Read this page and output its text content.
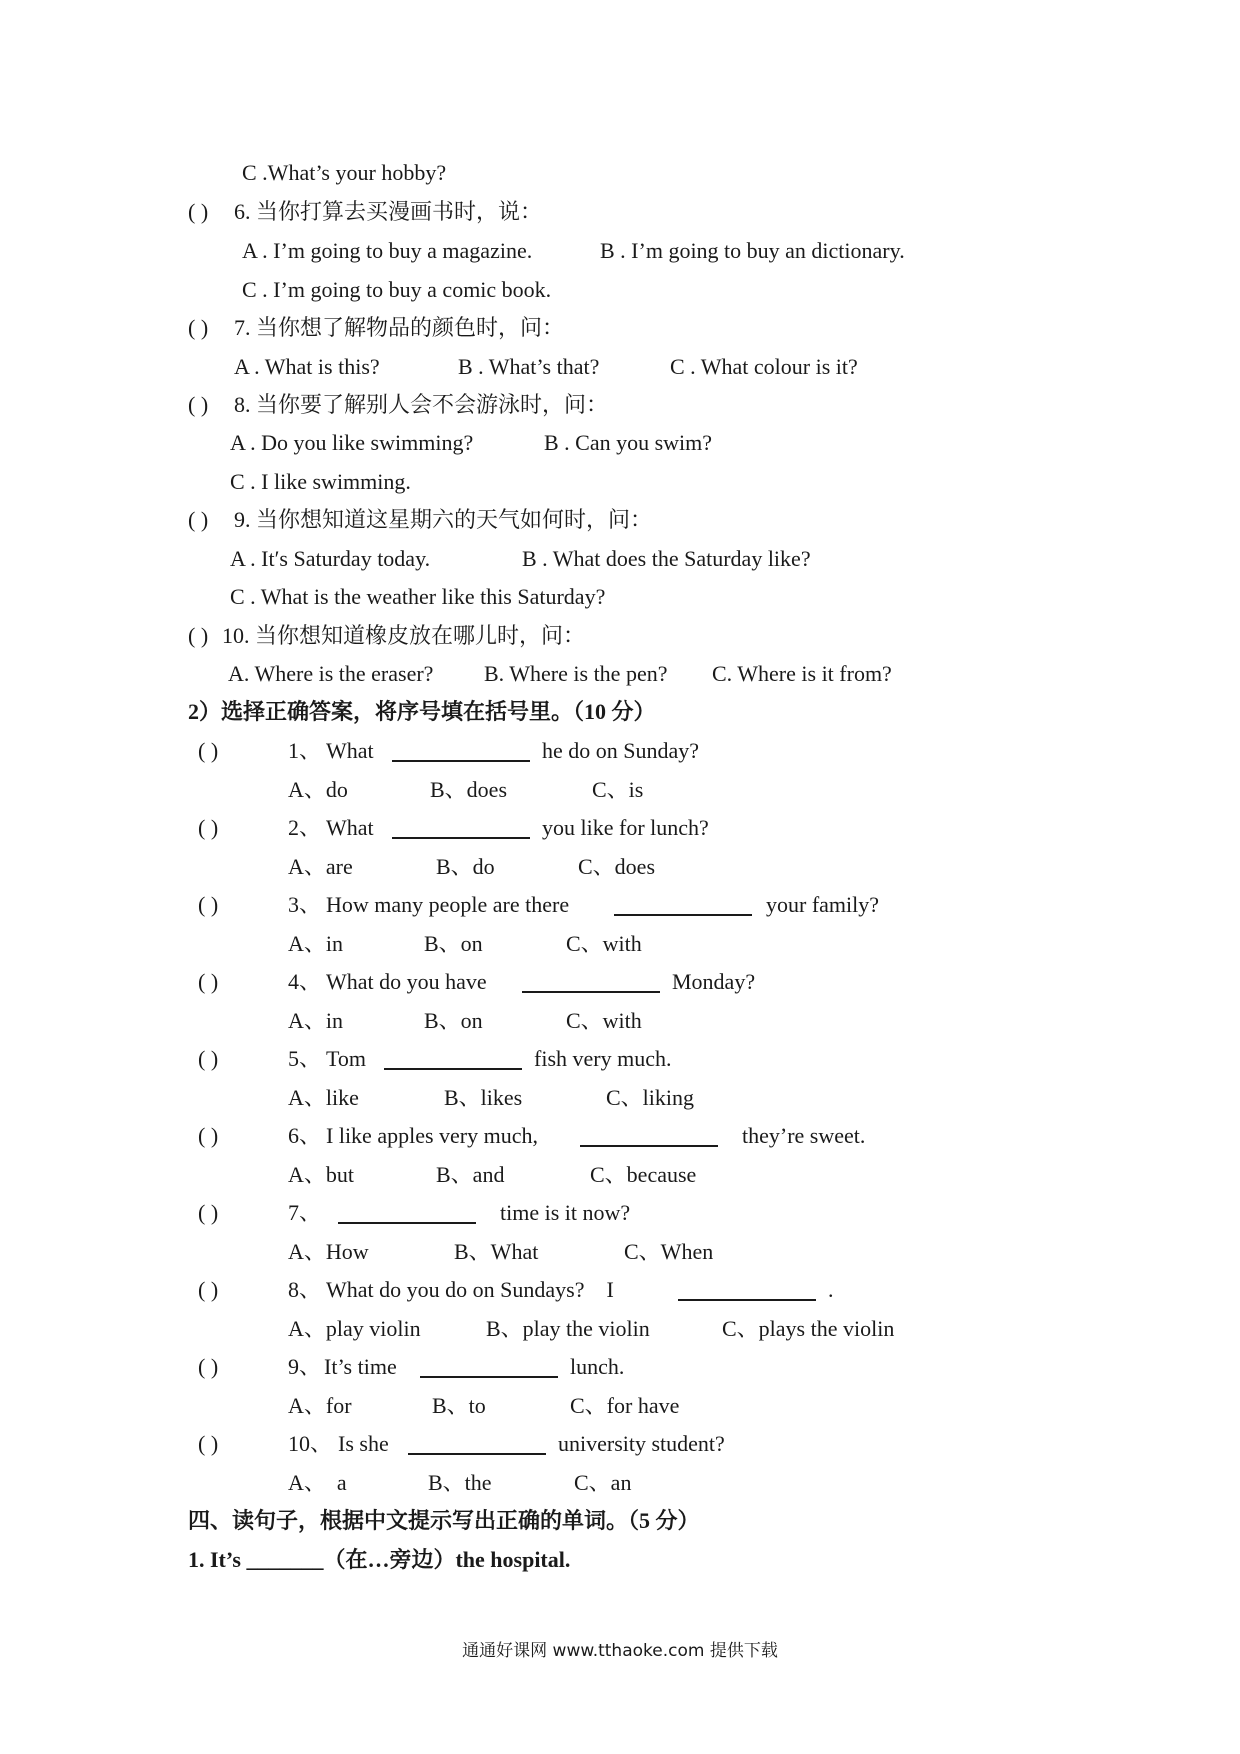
C .What’s your hobby?
( ) 6. 当你打算去买漫画书时，说：
A . I’m going to buy a magazine.	B . I’m going to buy an dictionary.
C . I’m going to buy a comic book.
( ) 7. 当你想了解物品的颜色时，问：
A . What is this?	B . What’s that?	C . What colour is it?
( ) 8. 当你要了解别人会不会游泳时，问：
A . Do you like swimming?	B . Can you swim?
C . I like swimming.
( ) 9. 当你想知道这星期六的天气如何时，问：
A . It′s Saturday today.	B . What does the Saturday like?
C . What is the weather like this Saturday?
( ) 10. 当你想知道橡皮放在哪儿时，问：
A. Where is the eraser? B. Where is the pen? C. Where is it from?
2）选择正确答案，将序号填在括号里。（10 分）
( )	1、 What	he do on Sunday?
A、do	B、does	C、is
( )	2、 What	you like for lunch?
A、are	B、do	C、does
( )	3、 How many people are there	your family?
A、in	B、on	C、with
( )	4、 What do you have	Monday?
A、in	B、on	C、with
( )	5、 Tom	fish very much.
A、like	B、likes	C、liking
( )	6、 I like apples very much,	they’re sweet.
A、but	B、and	C、because
( )	7、	time is it now?
A、How	B、What	C、When
( )	8、 What do you do on Sundays?    I	.
A、play violin	B、play the violin	C、plays the violin
( )	9、 It’s time	lunch.
A、for	B、to	C、for have
( )	10、 Is she	university student?
A、  a	B、the	C、an
四、读句子，根据中文提示写出正确的单词。（5 分）
1. It’s _______（在…旁边）the hospital.
通通好课网 www.tthaoke.com 提供下载
